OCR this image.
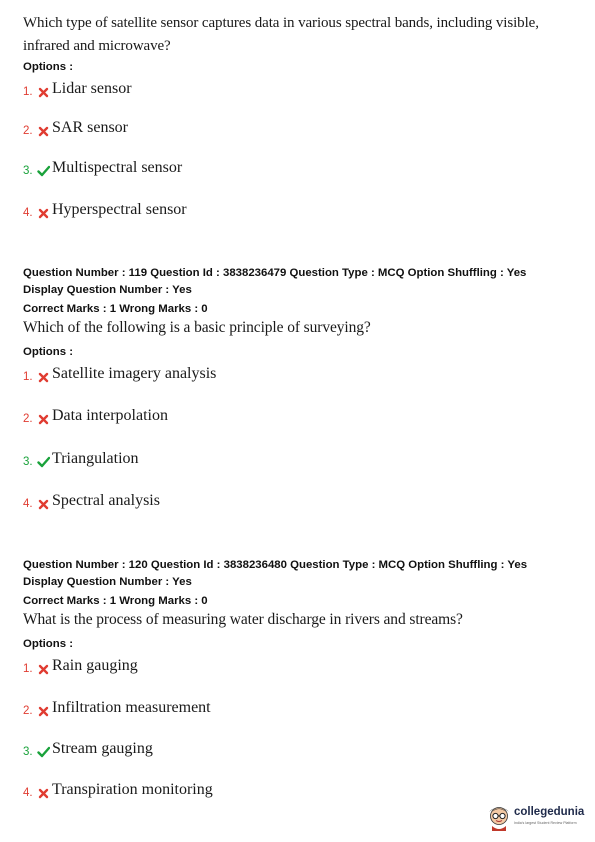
Which type of satellite sensor captures data in various spectral bands, including visible,
infrared and microwave?
Options :
1. Lidar sensor
2. SAR sensor
3. Multispectral sensor
4. Hyperspectral sensor
Question Number : 119 Question Id : 3838236479 Question Type : MCQ Option Shuffling : Yes
Display Question Number : Yes
Correct Marks : 1 Wrong Marks : 0
Which of the following is a basic principle of surveying?
Options :
1. Satellite imagery analysis
2. Data interpolation
3. Triangulation
4. Spectral analysis
Question Number : 120 Question Id : 3838236480 Question Type : MCQ Option Shuffling : Yes
Display Question Number : Yes
Correct Marks : 1 Wrong Marks : 0
What is the process of measuring water discharge in rivers and streams?
Options :
1. Rain gauging
2. Infiltration measurement
3. Stream gauging
4. Transpiration monitoring
collegedunia
India's largest Student Review Platform
